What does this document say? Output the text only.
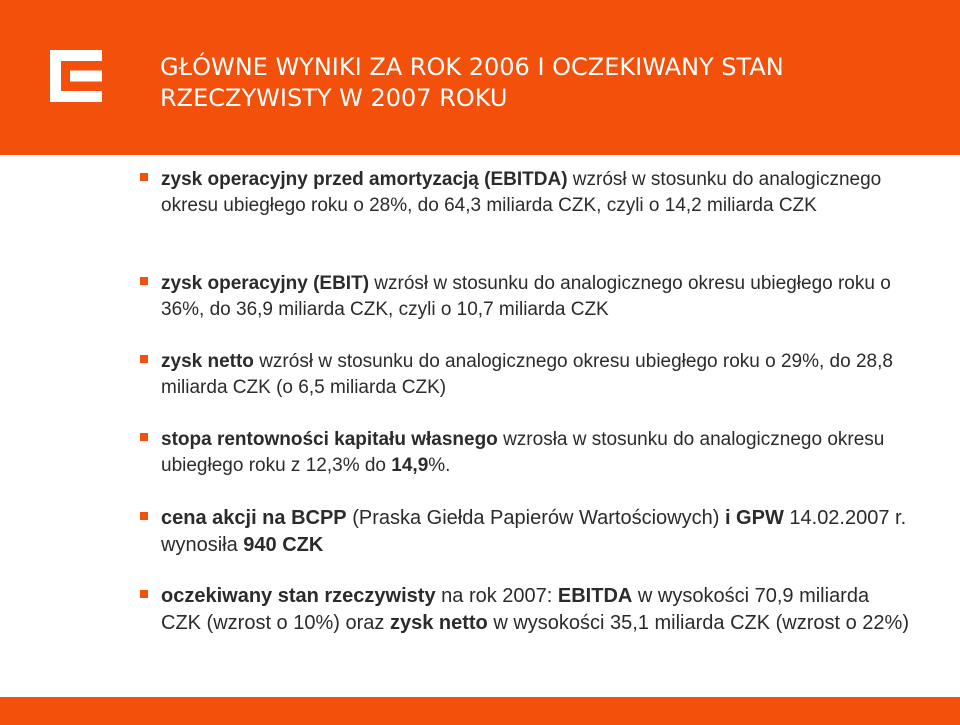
GŁÓWNE WYNIKI ZA ROK 2006 I OCZEKIWANY STAN
RZECZYWISTY W 2007 ROKU
zysk operacyjny przed amortyzacją (EBITDA) wzrósł w stosunku do analogicznego okresu ubiegłego roku o 28%, do 64,3 miliarda CZK, czyli o 14,2 miliarda CZK
zysk operacyjny (EBIT) wzrósł w stosunku do analogicznego okresu ubiegłego roku o 36%, do 36,9 miliarda CZK, czyli o 10,7 miliarda CZK
zysk netto wzrósł w stosunku do analogicznego okresu ubiegłego roku o 29%, do 28,8 miliarda CZK (o 6,5 miliarda CZK)
stopa rentowności kapitału własnego wzrosła w stosunku do analogicznego okresu ubiegłego roku z 12,3% do 14,9%.
cena akcji na BCPP (Praska Giełda Papierów Wartościowych) i GPW 14.02.2007 r. wynosiła 940 CZK
oczekiwany stan rzeczywisty na rok 2007: EBITDA w wysokości 70,9 miliarda CZK (wzrost o 10%) oraz zysk netto w wysokości 35,1 miliarda CZK (wzrost o 22%)
